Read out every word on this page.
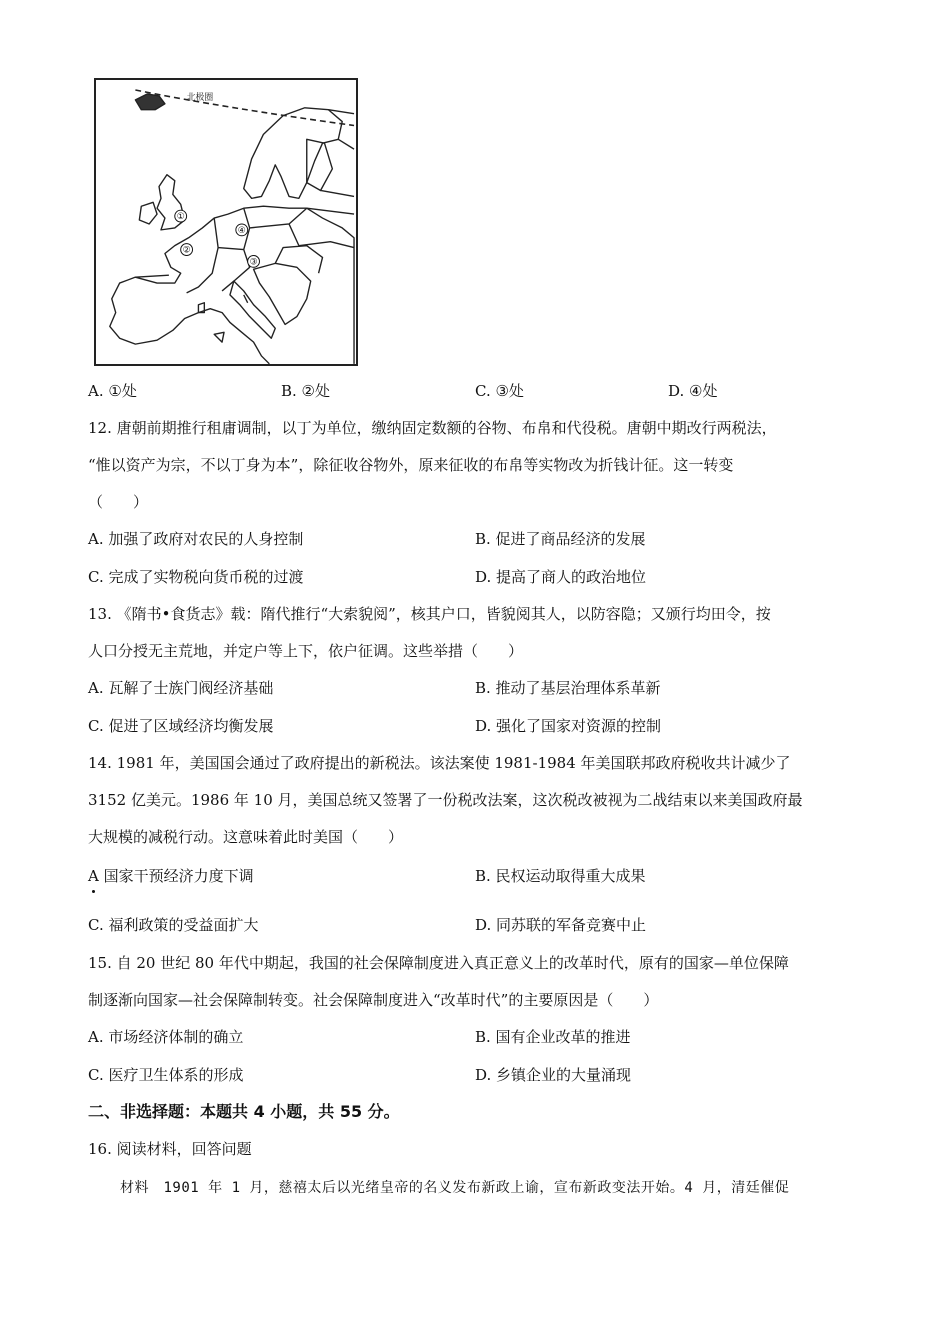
北极圈
①
②
③
④
A. ①处	B. ②处	C. ③处	D. ④处
12. 唐朝前期推行租庸调制，以丁为单位，缴纳固定数额的谷物、布帛和代役税。唐朝中期改行两税法，
“惟以资产为宗，不以丁身为本”，除征收谷物外，原来征收的布帛等实物改为折钱计征。这一转变
（　　）
A. 加强了政府对农民的人身控制	B. 促进了商品经济的发展
C. 完成了实物税向货币税的过渡	D. 提高了商人的政治地位
13. 《隋书•食货志》载：隋代推行“大索貌阅”，核其户口，皆貌阅其人，以防容隐；又颁行均田令，按
人口分授无主荒地，并定户等上下，依户征调。这些举措（　　）
A. 瓦解了士族门阀经济基础	B. 推动了基层治理体系革新
C. 促进了区域经济均衡发展	D. 强化了国家对资源的控制
14. 1981 年，美国国会通过了政府提出的新税法。该法案使 1981-1984 年美国联邦政府税收共计减少了
3152 亿美元。1986 年 10 月，美国总统又签署了一份税改法案，这次税改被视为二战结束以来美国政府最
大规模的减税行动。这意味着此时美国（　　）
A 国家干预经济力度下调	B. 民权运动取得重大成果
C. 福利政策的受益面扩大	D. 同苏联的军备竞赛中止
15. 自 20 世纪 80 年代中期起，我国的社会保障制度进入真正意义上的改革时代，原有的国家—单位保障
制逐渐向国家—社会保障制转变。社会保障制度进入“改革时代”的主要原因是（　　）
A. 市场经济体制的确立	B. 国有企业改革的推进
C. 医疗卫生体系的形成	D. 乡镇企业的大量涌现
二、非选择题：本题共 4 小题，共 55 分。
16. 阅读材料，回答问题
材料　1901 年 1 月，慈禧太后以光绪皇帝的名义发布新政上谕，宣布新政变法开始。4 月，清廷催促
